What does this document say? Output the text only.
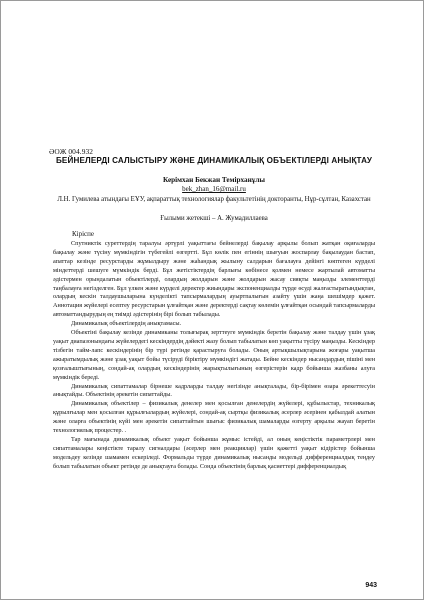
ӘОЖ 004.932
БЕЙНЕЛЕРДІ САЛЫСТЫРУ ЖӘНЕ ДИНАМИКАЛЫҚ ОБЪЕКТІЛЕРДІ АНЫҚТАУ
Керімхан Бекжан Темірханұлы
bek_zhan_16@mail.ru
Л.Н. Гумилева атындағы ЕҰУ, ақпараттық технологиялар факультетінің докторанты, Нұр-сұлтан, Казахстан
Ғылыми жетекші – А. Жумадиллаева
Кіріспе

Спутниктік суреттердің таралуы әртүрлі уақыттағы бейнелерді бақылау арқылы болып жатқан оқиғаларды бақылау және түсіну мүмкіндігін түбегейлі өзгертті. Бұл көлік пен егіннің шығуын жоспарлау бақылаудан бастап, апаттар кезінде ресурстарды жұмылдыру және жаһандық жылыну салдарын бағалауға дейінгі көптеген күрделі міндеттерді шешуге мүмкіндік берді. Бұл жетістіктердің барлығы көбінесе қолмен немесе жартылай автоматты әдістермен орындалатын объектілерді, олардың жолдарын және жолдарын жасау сияқты маңызды элементтерді таңбалауға негізделген. Бұл үлкен және күрделі деректер жиындары экспоненциалды түрде өсуді жалғастыратындықтан, олардың кескін талдаушыларына күнделікті тапсырмалардың ауыртпалығын азайту үшін жаңа шешімдер қажет. Аннотация жүйелері есептеу ресурстарын ұлғайтқан және деректерді сақтау көлемін ұлғайтқан осындай тапсырмаларды автоматтандырудың ең тиімді әдістерінің бірі болып табылады.

Динамикалық объектілердің анықтамасы.

Объектіні бақылау кезінде динамиканы толығырақ зерттеуге мүмкіндік беретін бақылау және талдау үшін ұзақ уақыт диапазонындағы жүйелердегі кескіндердің дәйекті жазу болып табылатын көп уақытты түсіру маңызды. Кескіндер тізбегін тайм-лапс кескіндерінің бір түрі ретінде қарастыруға болады. Оның артықшылықтарына жоғары уақытша ажыратымдылық және ұзақ уақыт бойы түсірудi біріктіру мүмкіндігі жатады. Бейне кескіндер нысандардың пішіні мен қозғалыштығының, сондай-ақ олардың кескіндерінің жарықтылығының өзгерістерін кадр бойынша жазбаны алуға мүмкіндік береді.

Динамикалық сипаттамалар бірнеше кадрларды талдау негізінде анықталады, бір-бірімен өзара әрекеттесуін анықтайды. Объектінің әрекетін сипаттайды.

Динамикалық объектілер – физикалық денелер мен қосылған денелердің жүйелері, құбылыстар, техникалық құрылғылар мен қосылған құрылғылардың жүйелері, сондай-ақ сыртқы физикалық әсерлер әсерінен қабылдай алатын және оларға объектінің күйі мен әрекетін сипаттайтын шығыс физикалық шамаларды өзгерту арқылы жауап беретін технологиялық процестер. .

Тар мағынада динамикалық объект уақыт бойынша жұмыс істейді, ал оның кеңістіктік параметрлері мен сипаттамалары кеңістікте таралу сигналдары (әсерлер мен реакциялар) үшін қажетті уақыт кідірістер бойынша модельдеу кезінде шамамен ескеріледі. Формальды түрде динамикалық нысанды модельді дифференциалдық теңдеу болып табылатын объект ретінде де анықтауға болады. Сонда объектінің барлық қасиеттері дифференциалдық

943
